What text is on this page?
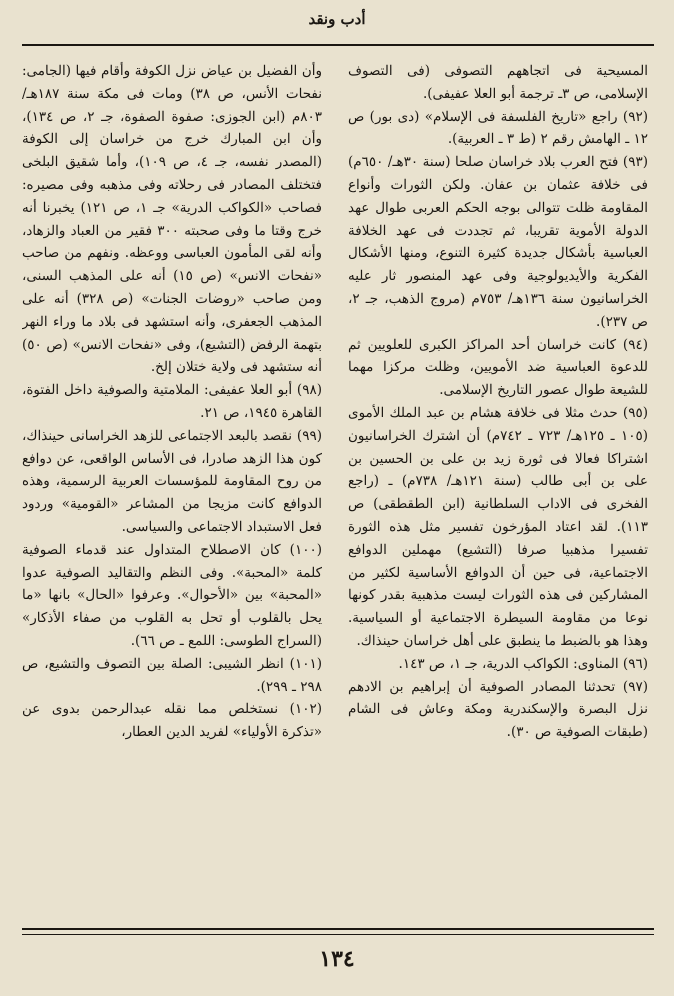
أدب ونقد

المسيحية فى اتجاههم التصوفى (فى التصوف الإسلامى، ص ٣ـ ترجمة أبو العلا عفيفى).

(٩٢) راجع «تاريخ الفلسفة فى الإسلام» (دى بور) ص ١٢ ـ الهامش رقم ٢ (ط ٣ ـ العربية).

(٩٣) فتح العرب بلاد خراسان صلحا (سنة ٣٠هـ/ ٦٥٠م) فى خلافة عثمان بن عفان. ولكن الثورات وأنواع المقاومة ظلت تتوالى بوجه الحكم العربى طوال عهد الدولة الأموية تقريبا، ثم تجددت فى عهد الخلافة العباسية بأشكال جديدة كثيرة التنوع، ومنها الأشكال الفكرية والأيديولوجية وفى عهد المنصور ثار عليه الخراسانيون سنة ١٣٦هـ/ ٧٥٣م (مروج الذهب، جـ ٢، ص ٢٣٧).

(٩٤) كانت خراسان أحد المراكز الكبرى للعلويين ثم للدعوة العباسية ضد الأمويين، وظلت مركزا مهما للشيعة طوال عصور التاريخ الإسلامى.

(٩٥) حدث مثلا فى خلافة هشام بن عبد الملك الأموى (١٠٥ ـ ١٢٥هـ/ ٧٢٣ ـ ٧٤٢م) أن اشترك الخراسانيون اشتراكا فعالا فى ثورة زيد بن على بن الحسين بن على بن أبى طالب (سنة ١٢١هـ/ ٧٣٨م) ـ (راجع الفخرى فى الاداب السلطانية (ابن الطقطقى) ص ١١٣). لقد اعتاد المؤرخون تفسير مثل هذه الثورة تفسيرا مذهبيا صرفا (التشيع) مهملين الدوافع الاجتماعية، فى حين أن الدوافع الأساسية لكثير من المشاركين فى هذه الثورات ليست مذهبية بقدر كونها نوعا من مقاومة السيطرة الاجتماعية أو السياسية. وهذا هو بالضبط ما ينطبق على أهل خراسان حينذاك.

(٩٦) المناوى: الكواكب الدرية، جـ ١، ص ١٤٣.

(٩٧) تحدثنا المصادر الصوفية أن إبراهيم بن الادهم نزل البصرة والإسكندرية ومكة وعاش فى الشام (طبقات الصوفية ص ٣٠).

وأن الفضيل بن عياض نزل الكوفة وأقام فيها (الجامى: نفحات الأنس، ص ٣٨) ومات فى مكة سنة ١٨٧هـ/ ٨٠٣م (ابن الجوزى: صفوة الصفوة، جـ ٢، ص ١٣٤)، وأن ابن المبارك خرج من خراسان إلى الكوفة (المصدر نفسه، جـ ٤، ص ١٠٩)، وأما شقيق البلخى فتختلف المصادر فى رحلاته وفى مذهبه وفى مصيره: فصاحب «الكواكب الدرية» جـ ١، ص ١٢١) يخبرنا أنه خرج وقتا ما وفى صحبته ٣٠٠ فقير من العباد والزهاد، وأنه لقى المأمون العباسى ووعظه. ونفهم من صاحب «نفحات الانس» (ص ١٥) أنه على المذهب السنى، ومن صاحب «روضات الجنات» (ص ٣٢٨) أنه على المذهب الجعفرى، وأنه استشهد فى بلاد ما وراء النهر بتهمة الرفض (التشيع)، وفى «نفحات الانس» (ص ٥٠) أنه ستشهد فى ولاية ختلان إلخ.

(٩٨) أبو العلا عفيفى: الملامتية والصوفية داخل الفتوة، القاهرة ١٩٤٥، ص ٢١.

(٩٩) نقصد بالبعد الاجتماعى للزهد الخراسانى حينذاك، كون هذا الزهد صادرا، فى الأساس الواقعى، عن دوافع من روح المقاومة للمؤسسات العربية الرسمية، وهذه الدوافع كانت مزيجا من المشاعر «القومية» وردود فعل الاستبداد الاجتماعى والسياسى.

(١٠٠) كان الاصطلاح المتداول عند قدماء الصوفية كلمة «المحبة». وفى النظم والتقاليد الصوفية عدوا «المحبة» بين «الأحوال». وعرفوا «الحال» بانها «ما يحل بالقلوب أو تحل به القلوب من صفاء الأذكار» (السراج الطوسى: اللمع ـ ص ٦٦).

(١٠١) انظر الشيبى: الصلة بين التصوف والتشيع، ص ٢٩٨ ـ ٢٩٩).

(١٠٢) نستخلص مما نقله عبدالرحمن بدوى عن «تذكرة الأولياء» لفريد الدين العطار،

١٣٤
